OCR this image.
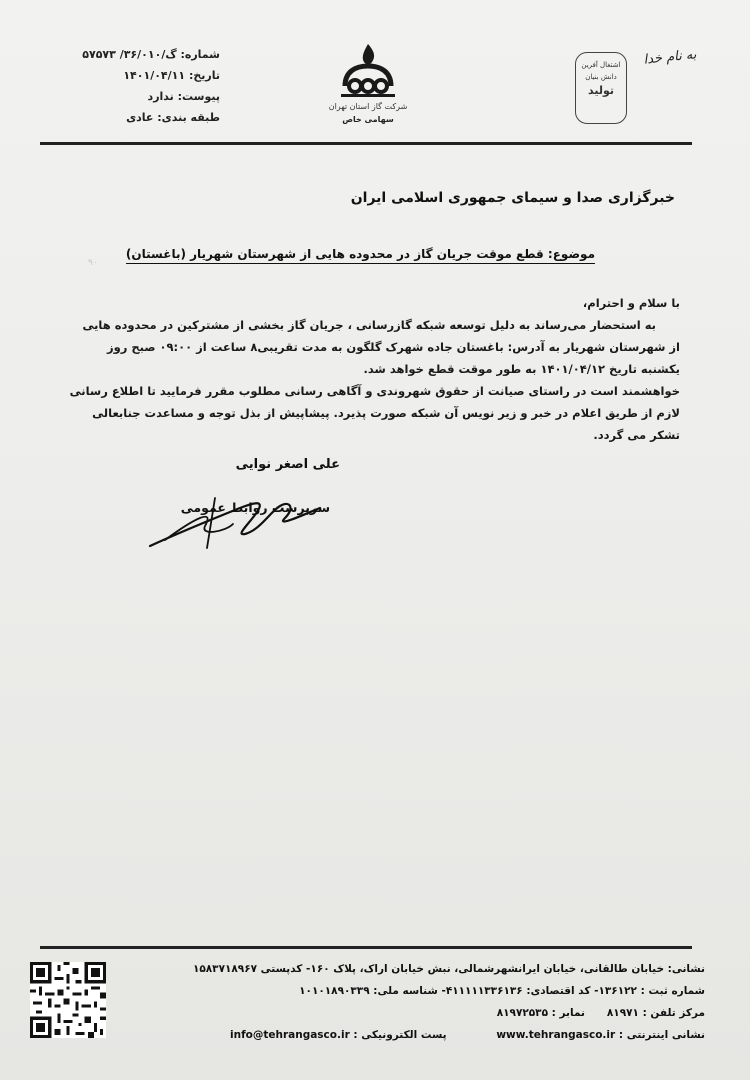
شماره: گ/۳۶/۰۱۰/ ۵۷۵۷۳
تاریخ: ۱۴۰۱/۰۴/۱۱
پیوست: ندارد
طبقه بندی: عادی
شرکت گاز استان تهران
سهامی خاص
اشتغال آفرین
دانش بنیان
تولید
به نام خدا
خبرگزاری صدا و سیمای جمهوری اسلامی ایران
موضوع: قطع موقت جریان گاز در محدوده هایی از شهرستان شهریار (باغستان)
۹۰

با سلام و احترام،

به استحضار می‌رساند به دلیل توسعه شبکه گازرسانی ، جریان گاز بخشی از مشترکین در محدوده هایی از شهرستان شهریار به آدرس: باغستان جاده شهرک گلگون به مدت تقریبی۸ ساعت از ۰۹:۰۰ صبح روز یکشنبه تاریخ ۱۴۰۱/۰۴/۱۲ به طور موقت قطع خواهد شد.

خواهشمند است در راستای صیانت از حقوق شهروندی و آگاهی رسانی مطلوب مقرر فرمایید تا اطلاع رسانی لازم از طریق اعلام در خبر و زیر نویس آن شبکه صورت پذیرد. پیشاپیش از بذل توجه و مساعدت جنابعالی تشکر می گردد.

علی اصغر نوایی
سرپرست روابط عمومی
نشانی: خیابان طالقانی، خیابان ایرانشهرشمالی، نبش خیابان اراک، پلاک ۱۶۰- کدپستی ۱۵۸۳۷۱۸۹۶۷
شماره ثبت : ۱۳۶۱۲۲- کد اقتصادی: ۴۱۱۱۱۱۳۳۶۱۳۶- شناسه ملی: ۱۰۱۰۱۸۹۰۳۳۹
مرکز تلفن : ۸۱۹۷۱      نمابر : ۸۱۹۷۲۵۳۵
نشانی اینترنتی : www.tehrangasco.ir
پست الکترونیکی : info@tehrangasco.ir
